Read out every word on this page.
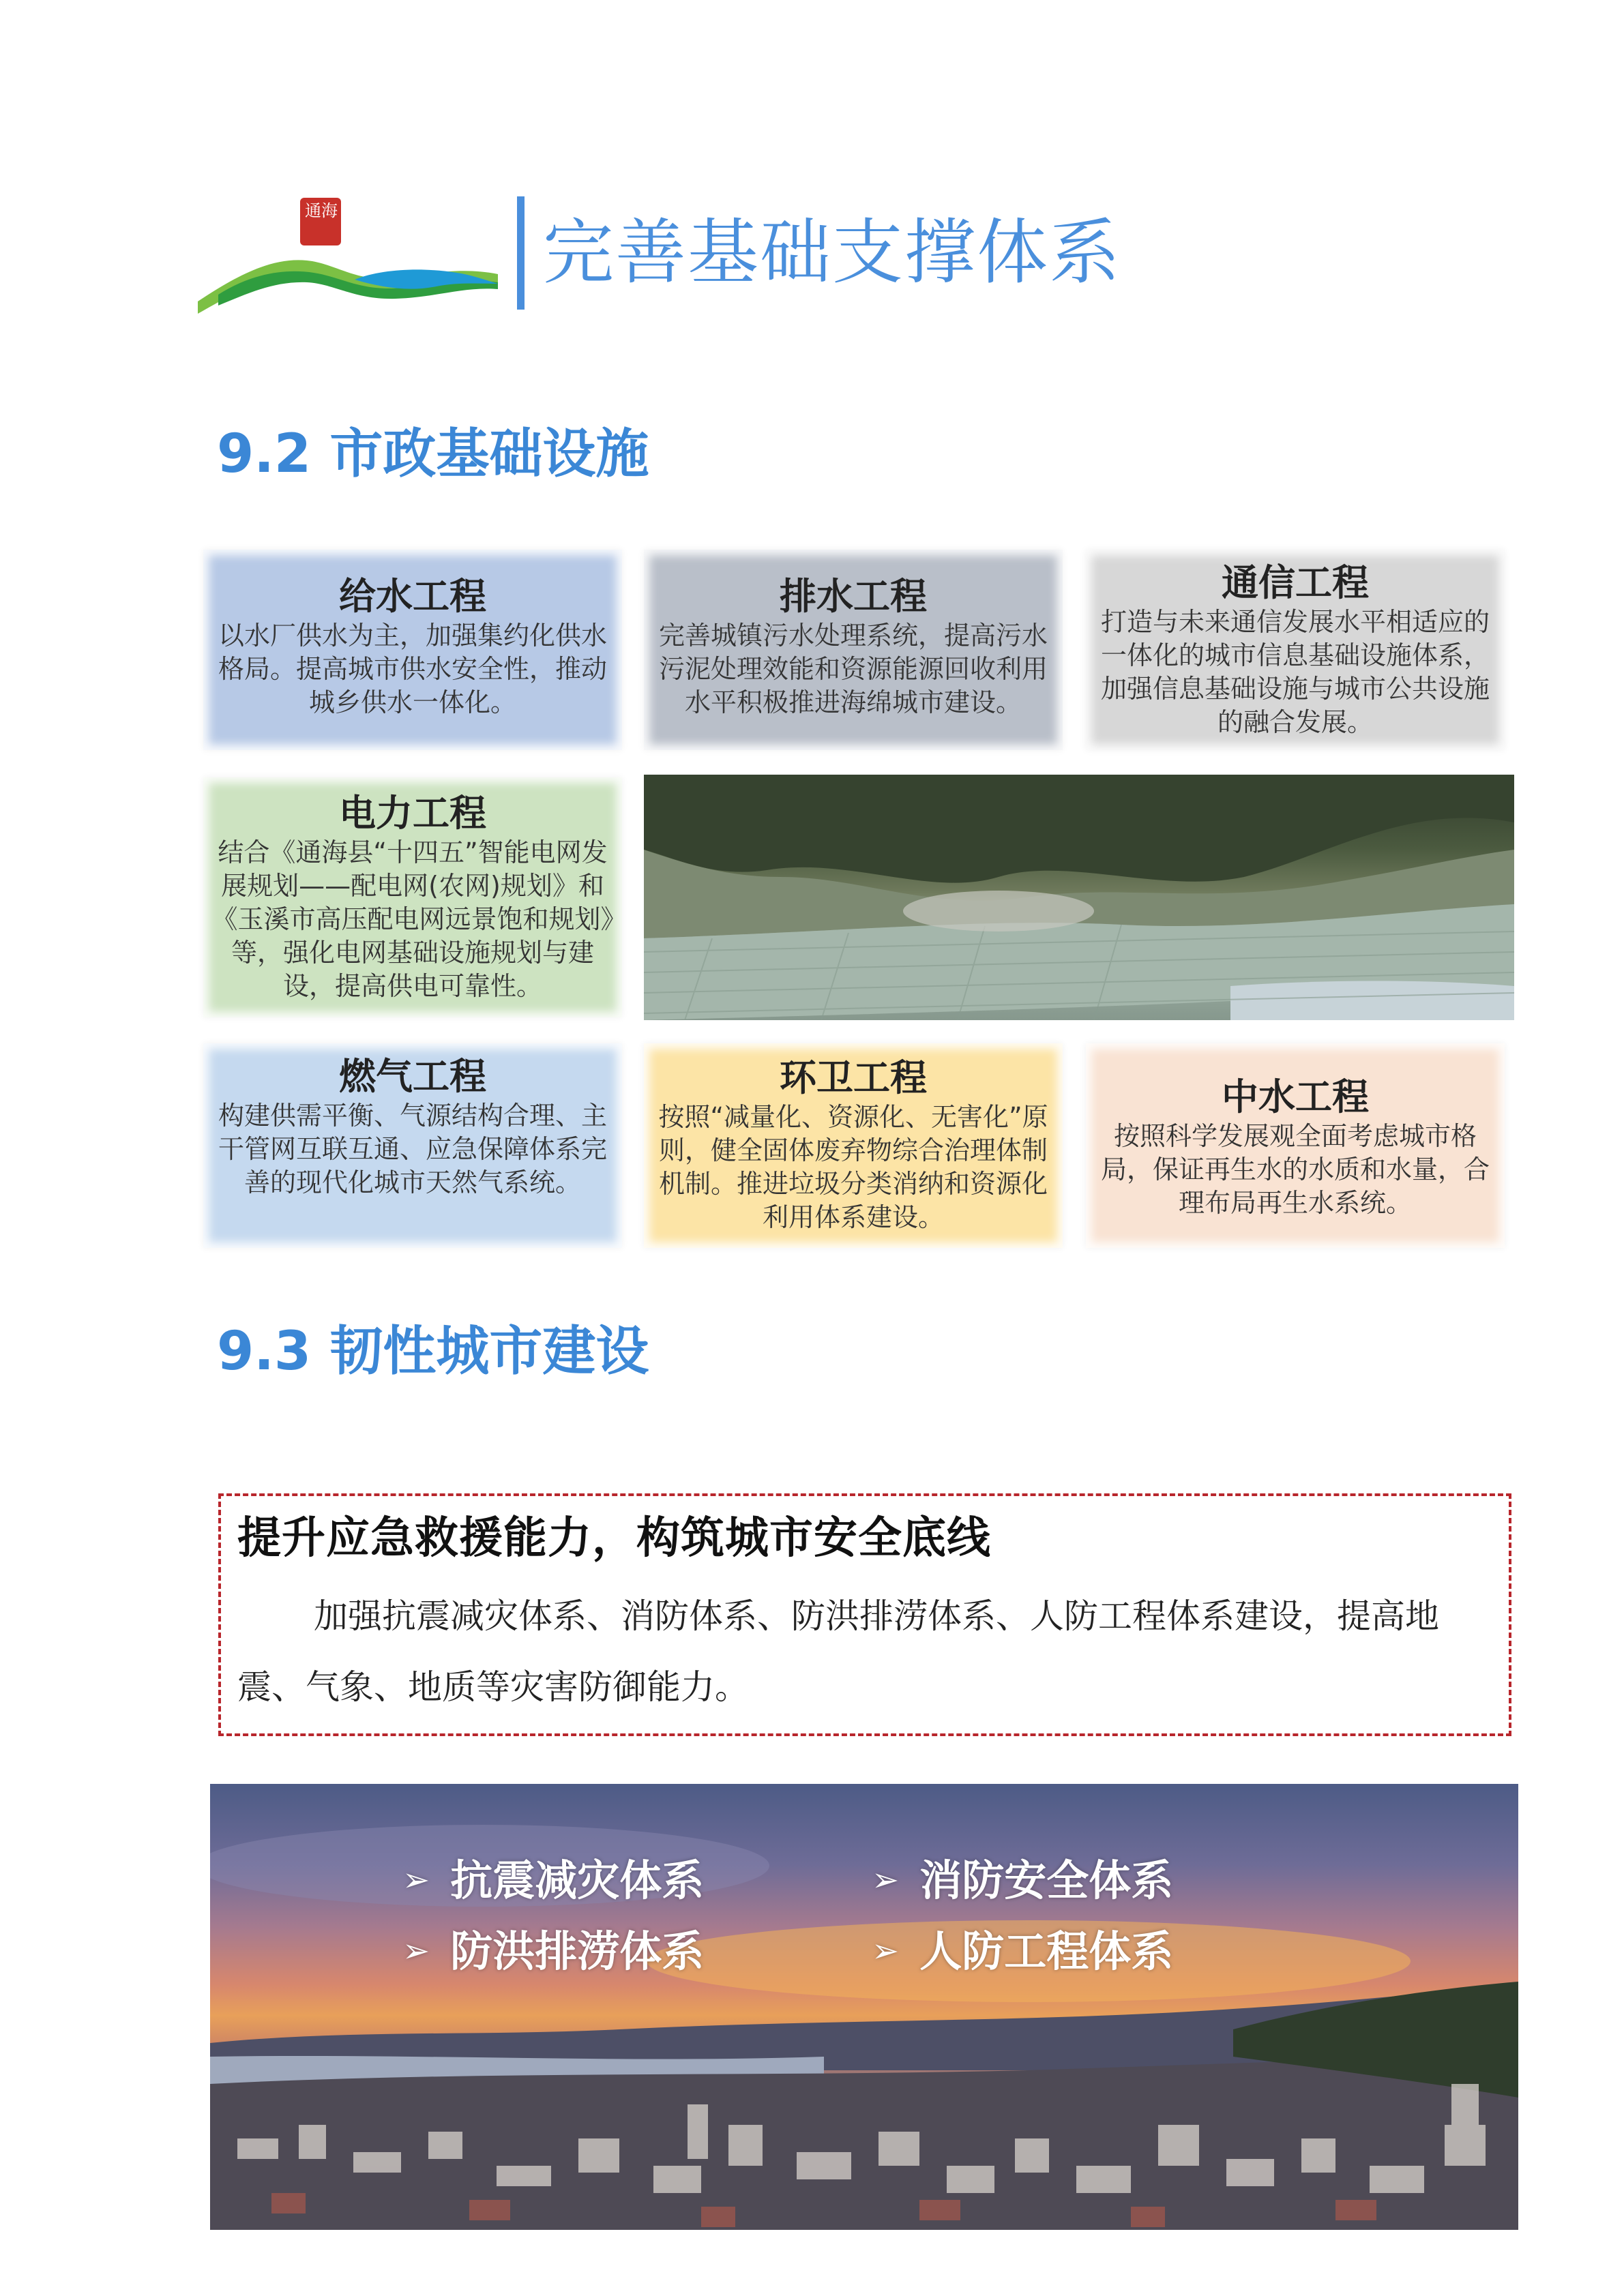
通海	完善基础支撑体系
9.2 市政基础设施
给水工程
以水厂供水为主，加强集约化供水格局。提高城市供水安全性，推动城乡供水一体化。
排水工程
完善城镇污水处理系统，提高污水污泥处理效能和资源能源回收利用水平积极推进海绵城市建设。
通信工程
打造与未来通信发展水平相适应的一体化的城市信息基础设施体系，加强信息基础设施与城市公共设施的融合发展。
电力工程
结合《通海县“十四五”智能电网发展规划——配电网(农网)规划》和《玉溪市高压配电网远景饱和规划》等，强化电网基础设施规划与建设，提高供电可靠性。
燃气工程
构建供需平衡、气源结构合理、主干管网互联互通、应急保障体系完善的现代化城市天然气系统。
环卫工程
按照“减量化、资源化、无害化”原则，健全固体废弃物综合治理体制机制。推进垃圾分类消纳和资源化利用体系建设。
中水工程
按照科学发展观全面考虑城市格局，保证再生水的水质和水量，合理布局再生水系统。
9.3 韧性城市建设
提升应急救援能力，构筑城市安全底线
加强抗震减灾体系、消防体系、防洪排涝体系、人防工程体系建设，提高地震、气象、地质等灾害防御能力。
➢ 抗震减灾体系	➢ 消防安全体系
➢ 防洪排涝体系	➢ 人防工程体系
